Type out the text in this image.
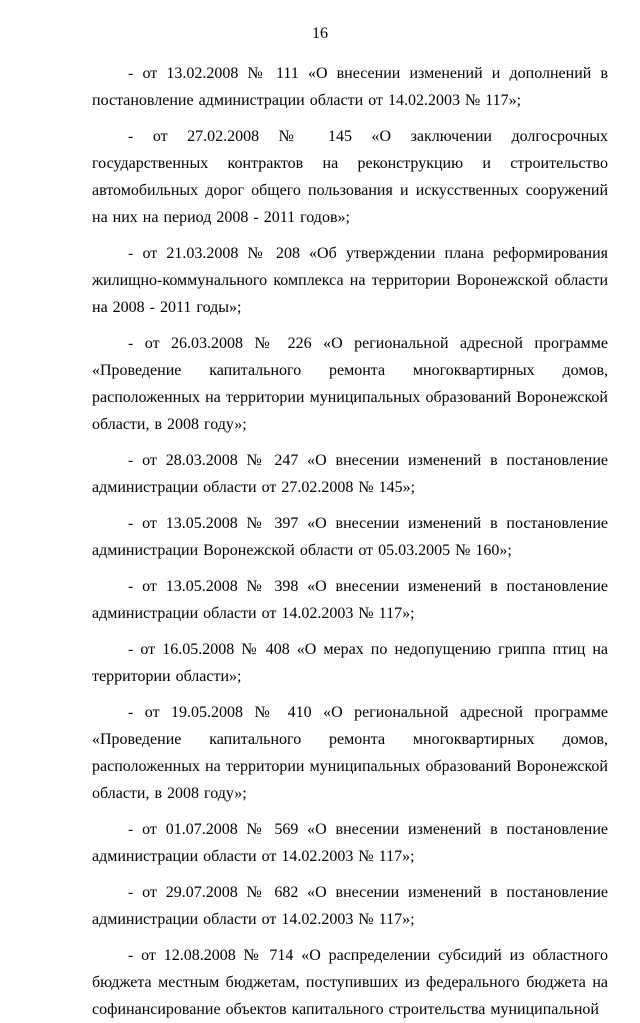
16

- от 13.02.2008 № 111 «О внесении изменений и дополнений в постановление администрации области от 14.02.2003 № 117»;

- от 27.02.2008 № 145 «О заключении долгосрочных государственных контрактов на реконструкцию и строительство автомобильных дорог общего пользования и искусственных сооружений на них на период 2008 - 2011 годов»;

- от 21.03.2008 № 208 «Об утверждении плана реформирования жилищно-коммунального комплекса на территории Воронежской области на 2008 - 2011 годы»;

- от 26.03.2008 № 226 «О региональной адресной программе «Проведение капитального ремонта многоквартирных домов, расположенных на территории муниципальных образований Воронежской области, в 2008 году»;

- от 28.03.2008 № 247 «О внесении изменений в постановление администрации области от 27.02.2008 № 145»;

- от 13.05.2008 № 397 «О внесении изменений в постановление администрации Воронежской области от 05.03.2005 № 160»;

- от 13.05.2008 № 398 «О внесении изменений в постановление администрации области от 14.02.2003 № 117»;

- от 16.05.2008 № 408 «О мерах по недопущению гриппа птиц на территории области»;

- от 19.05.2008 № 410 «О региональной адресной программе «Проведение капитального ремонта многоквартирных домов, расположенных на территории муниципальных образований Воронежской области, в 2008 году»;

- от 01.07.2008 № 569 «О внесении изменений в постановление администрации области от 14.02.2003 № 117»;

- от 29.07.2008 № 682 «О внесении изменений в постановление администрации области от 14.02.2003 № 117»;

- от 12.08.2008 № 714 «О распределении субсидий из областного бюджета местным бюджетам, поступивших из федерального бюджета на софинансирование объектов капитального строительства муниципальной
